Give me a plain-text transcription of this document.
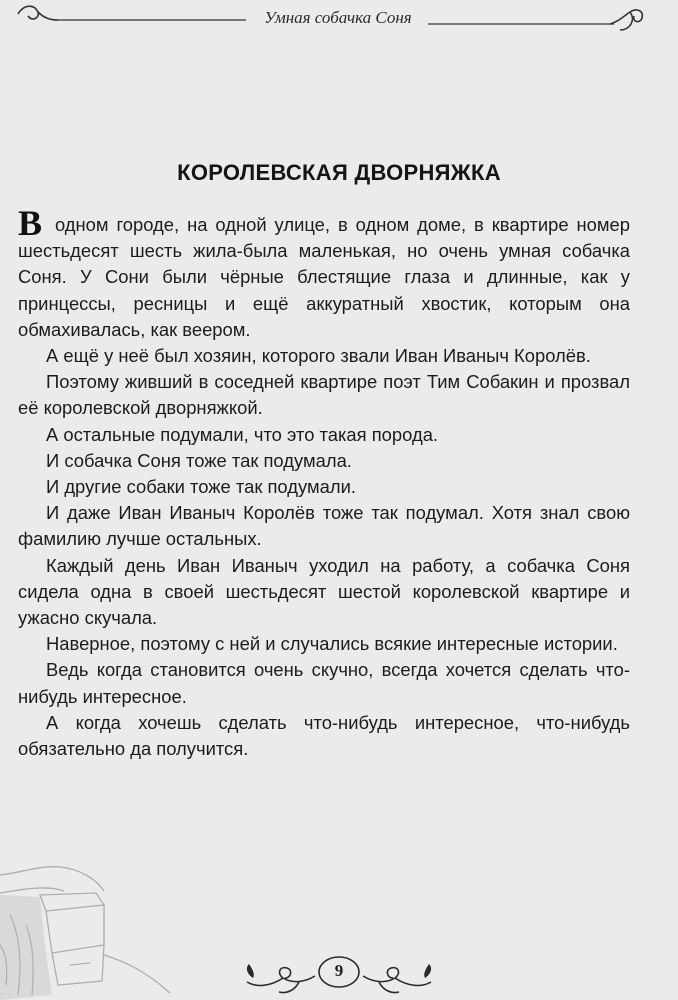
Умная собачка Соня
КОРОЛЕВСКАЯ ДВОРНЯЖКА

В одном городе, на одной улице, в одном доме, в квартире номер шестьдесят шесть жила-была маленькая, но очень умная собачка Соня. У Сони были чёрные блестящие глаза и длинные, как у принцессы, ресницы и ещё аккуратный хвостик, которым она обмахивалась, как веером.

А ещё у неё был хозяин, которого звали Иван Иваныч Королёв.

Поэтому живший в соседней квартире поэт Тим Собакин и прозвал её королевской дворняжкой.

А остальные подумали, что это такая порода.

И собачка Соня тоже так подумала.

И другие собаки тоже так подумали.

И даже Иван Иваныч Королёв тоже так подумал. Хотя знал свою фамилию лучше остальных.

Каждый день Иван Иваныч уходил на работу, а собачка Соня сидела одна в своей шестьдесят шестой королевской квартире и ужасно скучала.

Наверное, поэтому с ней и случались всякие интересные истории.

Ведь когда становится очень скучно, всегда хочется сделать что-нибудь интересное.

А когда хочешь сделать что-нибудь интересное, что-нибудь обязательно да получится.

9
